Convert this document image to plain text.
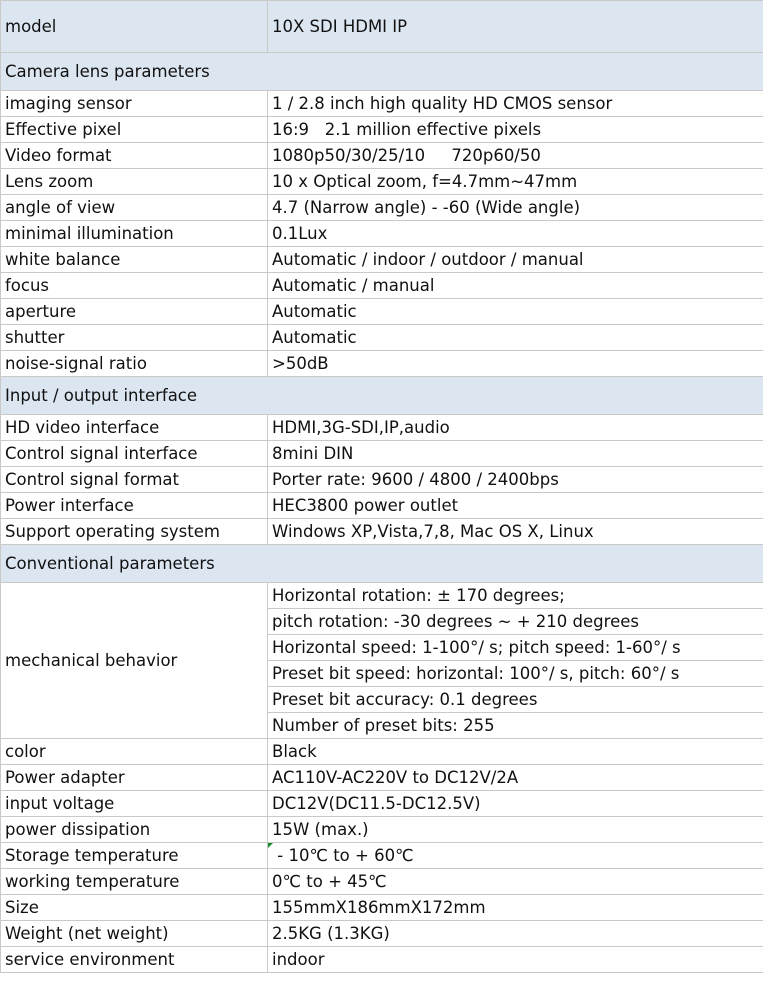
model	10X SDI HDMI IP
Camera lens parameters	
imaging sensor	1 / 2.8 inch high quality HD CMOS sensor
Effective pixel	16:9   2.1 million effective pixels
Video format	1080p50/30/25/10     720p60/50
Lens zoom	10 x Optical zoom, f=4.7mm~47mm
angle of view	4.7 (Narrow angle) - -60 (Wide angle)
minimal illumination	0.1Lux
white balance	Automatic / indoor / outdoor / manual
focus	Automatic / manual
aperture	Automatic
shutter	Automatic
noise-signal ratio	>50dB
Input / output interface	
HD video interface	HDMI,3G-SDI,IP,audio
Control signal interface	8mini DIN
Control signal format	Porter rate: 9600 / 4800 / 2400bps
Power interface	HEC3800 power outlet
Support operating system	Windows XP,Vista,7,8, Mac OS X, Linux
Conventional parameters	
mechanical behavior	Horizontal rotation: ± 170 degrees;
	pitch rotation: -30 degrees ~ + 210 degrees
	Horizontal speed: 1-100°/ s; pitch speed: 1-60°/ s
	Preset bit speed: horizontal: 100°/ s, pitch: 60°/ s
	Preset bit accuracy: 0.1 degrees
	Number of preset bits: 255
color	Black
Power adapter	AC110V-AC220V to DC12V/2A
input voltage	DC12V(DC11.5-DC12.5V)
power dissipation	15W (max.)
Storage temperature	- 10℃ to + 60℃
working temperature	0℃ to + 45℃
Size	155mmX186mmX172mm
Weight (net weight)	2.5KG (1.3KG)
service environment	indoor
